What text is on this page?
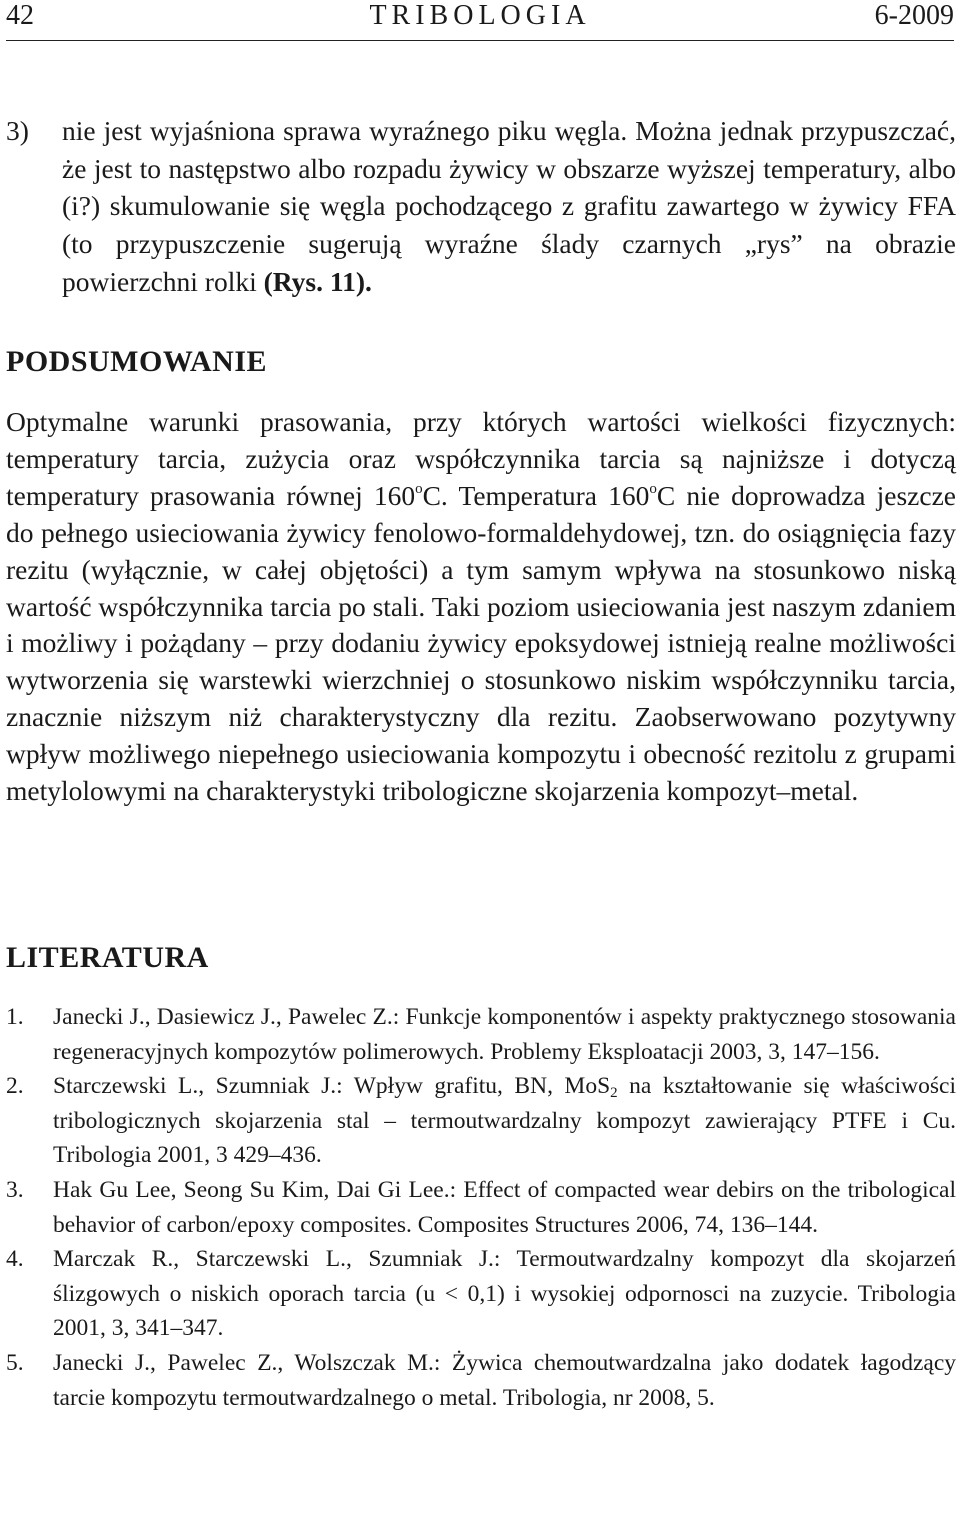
42	TRIBOLOGIA	6-2009
3) nie jest wyjaśniona sprawa wyraźnego piku węgla. Można jednak przypuszczać, że jest to następstwo albo rozpadu żywicy w obszarze wyższej temperatury, albo (i?) skumulowanie się węgla pochodzącego z grafitu zawartego w żywicy FFA (to przypuszczenie sugerują wyraźne ślady czarnych „rys” na obrazie powierzchni rolki (Rys. 11).
PODSUMOWANIE
Optymalne warunki prasowania, przy których wartości wielkości fizycznych: temperatury tarcia, zużycia oraz współczynnika tarcia są najniższe i dotyczą temperatury prasowania równej 160$^o$C. Temperatura 160$^o$C nie doprowadza jeszcze do pełnego usieciowania żywicy fenolowo-formaldehydowej, tzn. do osiągnięcia fazy rezitu (wyłącznie, w całej objętości) a tym samym wpływa na stosunkowo niską wartość współczynnika tarcia po stali. Taki poziom usieciowania jest naszym zdaniem i możliwy i pożądany – przy dodaniu żywicy epoksydowej istnieją realne możliwości wytworzenia się warstewki wierzchniej o stosunkowo niskim współczynniku tarcia, znacznie niższym niż charakterystyczny dla rezitu. Zaobserwowano pozytywny wpływ możliwego niepełnego usieciowania kompozytu i obecność rezitolu z grupami metylolowymi na charakterystyki tribologiczne skojarzenia kompozyt–metal.
LITERATURA
1. Janecki J., Dasiewicz J., Pawelec Z.: Funkcje komponentów i aspekty praktycznego stosowania regeneracyjnych kompozytów polimerowych. Problemy Eksploatacji 2003, 3, 147–156.
2. Starczewski L., Szumniak J.: Wpływ grafitu, BN, MoS$_2$ na kształtowanie się właściwości tribologicznych skojarzenia stal – termoutwardzalny kompozyt zawierający PTFE i Cu. Tribologia 2001, 3 429–436.
3. Hak Gu Lee, Seong Su Kim, Dai Gi Lee.: Effect of compacted wear debirs on the tribological behavior of carbon/epoxy composites. Composites Structures 2006, 74, 136–144.
4. Marczak R., Starczewski L., Szumniak J.: Termoutwardzalny kompozyt dla skojarzeń ślizgowych o niskich oporach tarcia (u < 0,1) i wysokiej odpornosci na zuzycie. Tribologia 2001, 3, 341–347.
5. Janecki J., Pawelec Z., Wolszczak M.: Żywica chemoutwardzalna jako dodatek łagodzący tarcie kompozytu termoutwardzalnego o metal. Tribologia, nr 2008, 5.
